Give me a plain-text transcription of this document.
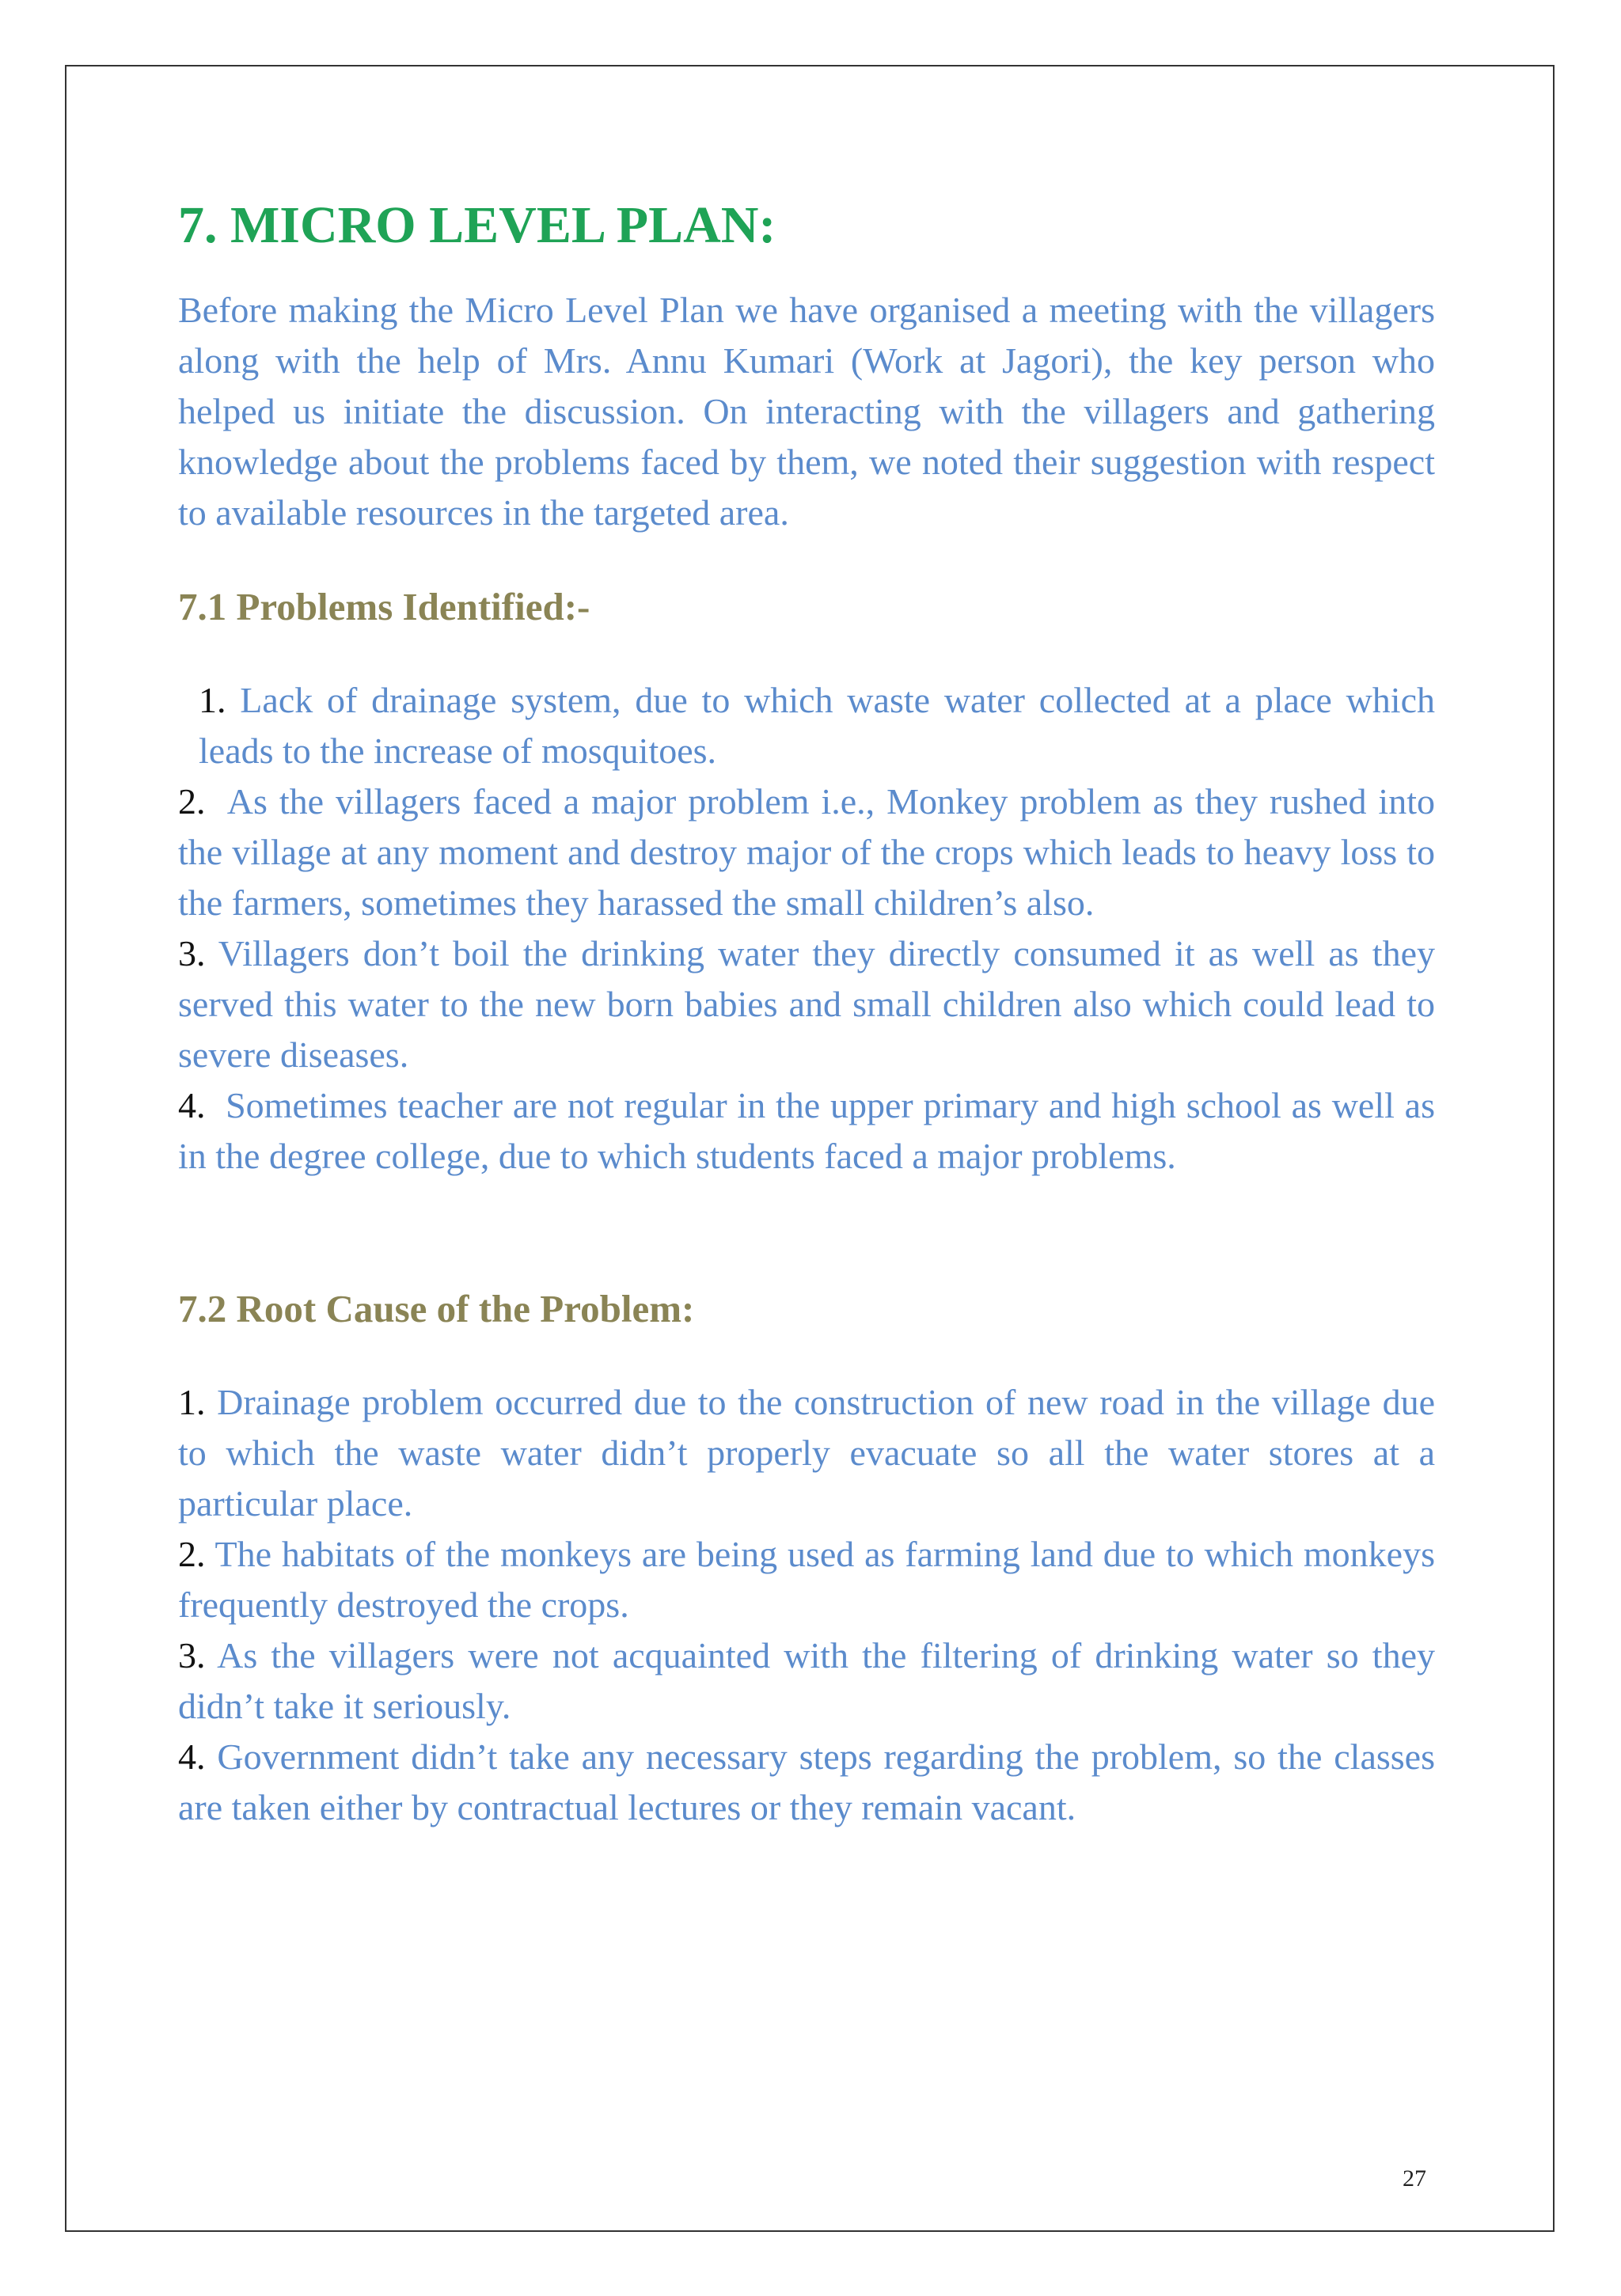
7. MICRO LEVEL PLAN:

Before making the Micro Level Plan we have organised a meeting with the villagers along with the help of Mrs. Annu Kumari (Work at Jagori), the key person who helped us initiate the discussion. On interacting with the villagers and gathering knowledge about the problems faced by them, we noted their suggestion with respect to available resources in the targeted area.

7.1 Problems Identified:-
1. Lack of drainage system, due to which waste water collected at a place which leads to the increase of mosquitoes.
2. As the villagers faced a major problem i.e., Monkey problem as they rushed into the village at any moment and destroy major of the crops which leads to heavy loss to the farmers, sometimes they harassed the small children’s also.
3. Villagers don’t boil the drinking water they directly consumed it as well as they served this water to the new born babies and small children also which could lead to severe diseases.
4. Sometimes teacher are not regular in the upper primary and high school as well as in the degree college, due to which students faced a major problems.
7.2 Root Cause of the Problem:
1. Drainage problem occurred due to the construction of new road in the village due to which the waste water didn’t properly evacuate so all the water stores at a particular place.
2. The habitats of the monkeys are being used as farming land due to which monkeys frequently destroyed the crops.
3. As the villagers were not acquainted with the filtering of drinking water so they didn’t take it seriously.
4. Government didn’t take any necessary steps regarding the problem, so the classes are taken either by contractual lectures or they remain vacant.
27
